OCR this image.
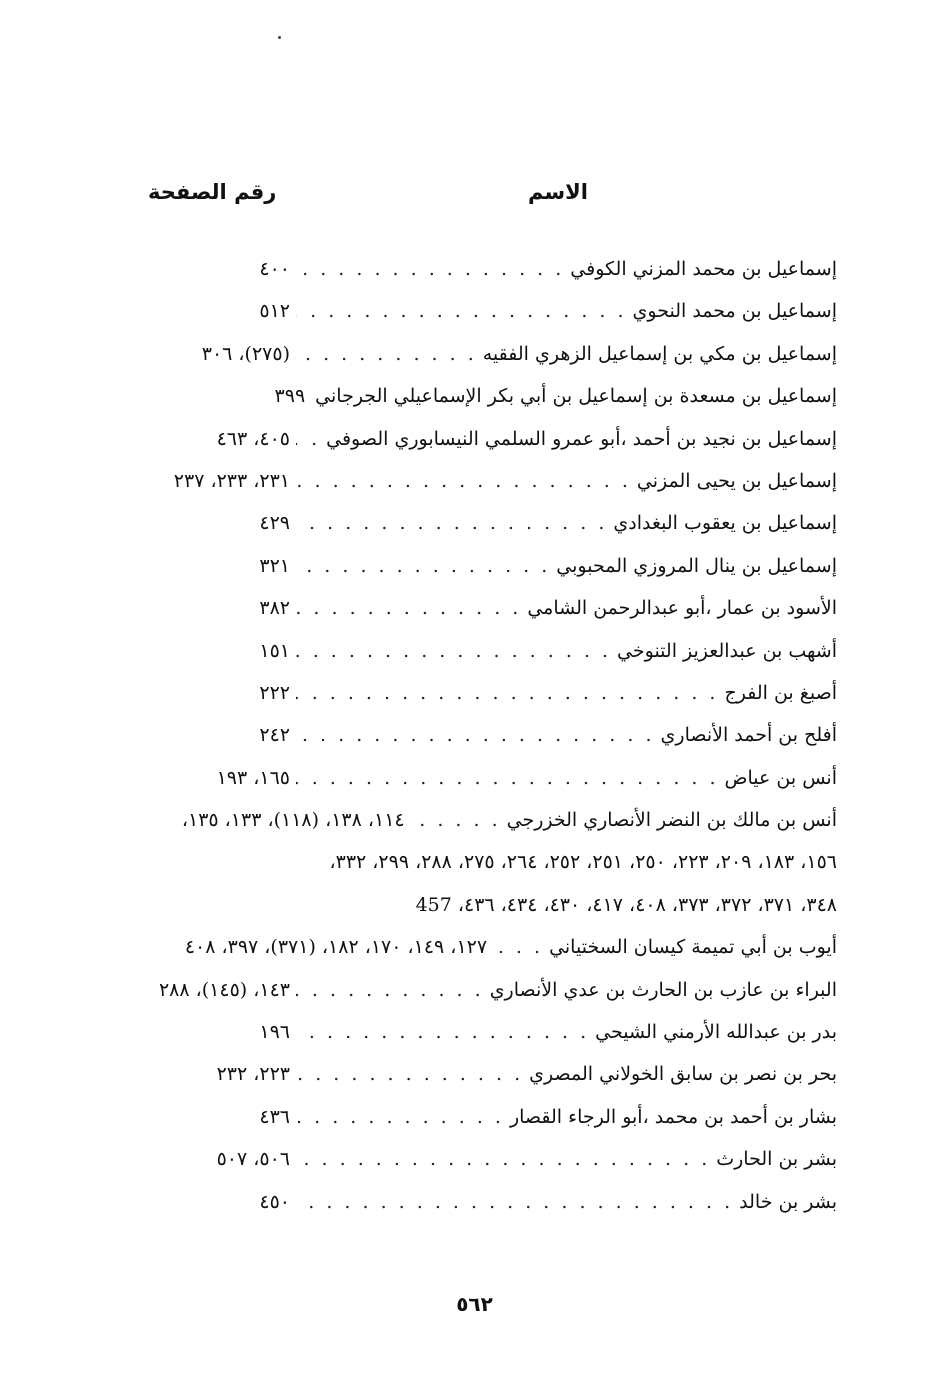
الاسم
رقم الصفحة
إسماعيل بن محمد المزني الكوفي
. . .
٤٠٠
إسماعيل بن محمد النحوي
. . .
٥١٢
إسماعيل بن مكي بن إسماعيل الزهري الفقيه
. . .
(٢٧٥)، ٣٠٦
إسماعيل بن مسعدة بن إسماعيل بن أبي بكر الإسماعيلي الجرجاني
٣٩٩
إسماعيل بن نجيد بن أحمد ،أبو عمرو السلمي النيسابوري الصوفي
. . .
٤٠٥، ٤٦٣
إسماعيل بن يحيى المزني
. . .
٢٣١، ٢٣٣، ٢٣٧
إسماعيل بن يعقوب البغدادي
. . .
٤٢٩
إسماعيل بن ينال المروزي المحبوبي
. . .
٣٢١
الأسود بن عمار ،أبو عبدالرحمن الشامي
. . .
٣٨٢
أشهب بن عبدالعزيز التنوخي
. . .
١٥١
أصبغ بن الفرج
. . .
٢٢٢
أفلح بن أحمد الأنصاري
. . .
٢٤٢
أنس بن عياض
. . .
١٦٥، ١٩٣
أنس بن مالك بن النضر الأنصاري الخزرجي
. . .
١١٤، ١٣٨، (١١٨)، ١٣٣، ١٣٥،
١٥٦، ١٨٣، ٢٠٩، ٢٢٣، ٢٥٠، ٢٥١، ٢٥٢، ٢٦٤، ٢٧٥، ٢٨٨، ٢٩٩، ٣٣٢،
٣٤٨، ٣٧١، ٣٧٢، ٣٧٣، ٤٠٨، ٤١٧، ٤٣٠، ٤٣٤، ٤٣٦، 457
أيوب بن أبي تميمة كيسان السختياني
. . .
١٢٧، ١٤٩، ١٧٠، ١٨٢، (٣٧١)، ٣٩٧، ٤٠٨
البراء بن عازب بن الحارث بن عدي الأنصاري
. . .
١٤٣، (١٤٥)، ٢٨٨
بدر بن عبدالله الأرمني الشيحي
. . .
١٩٦
بحر بن نصر بن سابق الخولاني المصري
. . .
٢٢٣، ٢٣٢
بشار بن أحمد بن محمد ،أبو الرجاء القصار
. . .
٤٣٦
بشر بن الحارث
. . .
٥٠٦، ٥٠٧
بشر بن خالد
. . .
٤٥٠
٥٦٢
